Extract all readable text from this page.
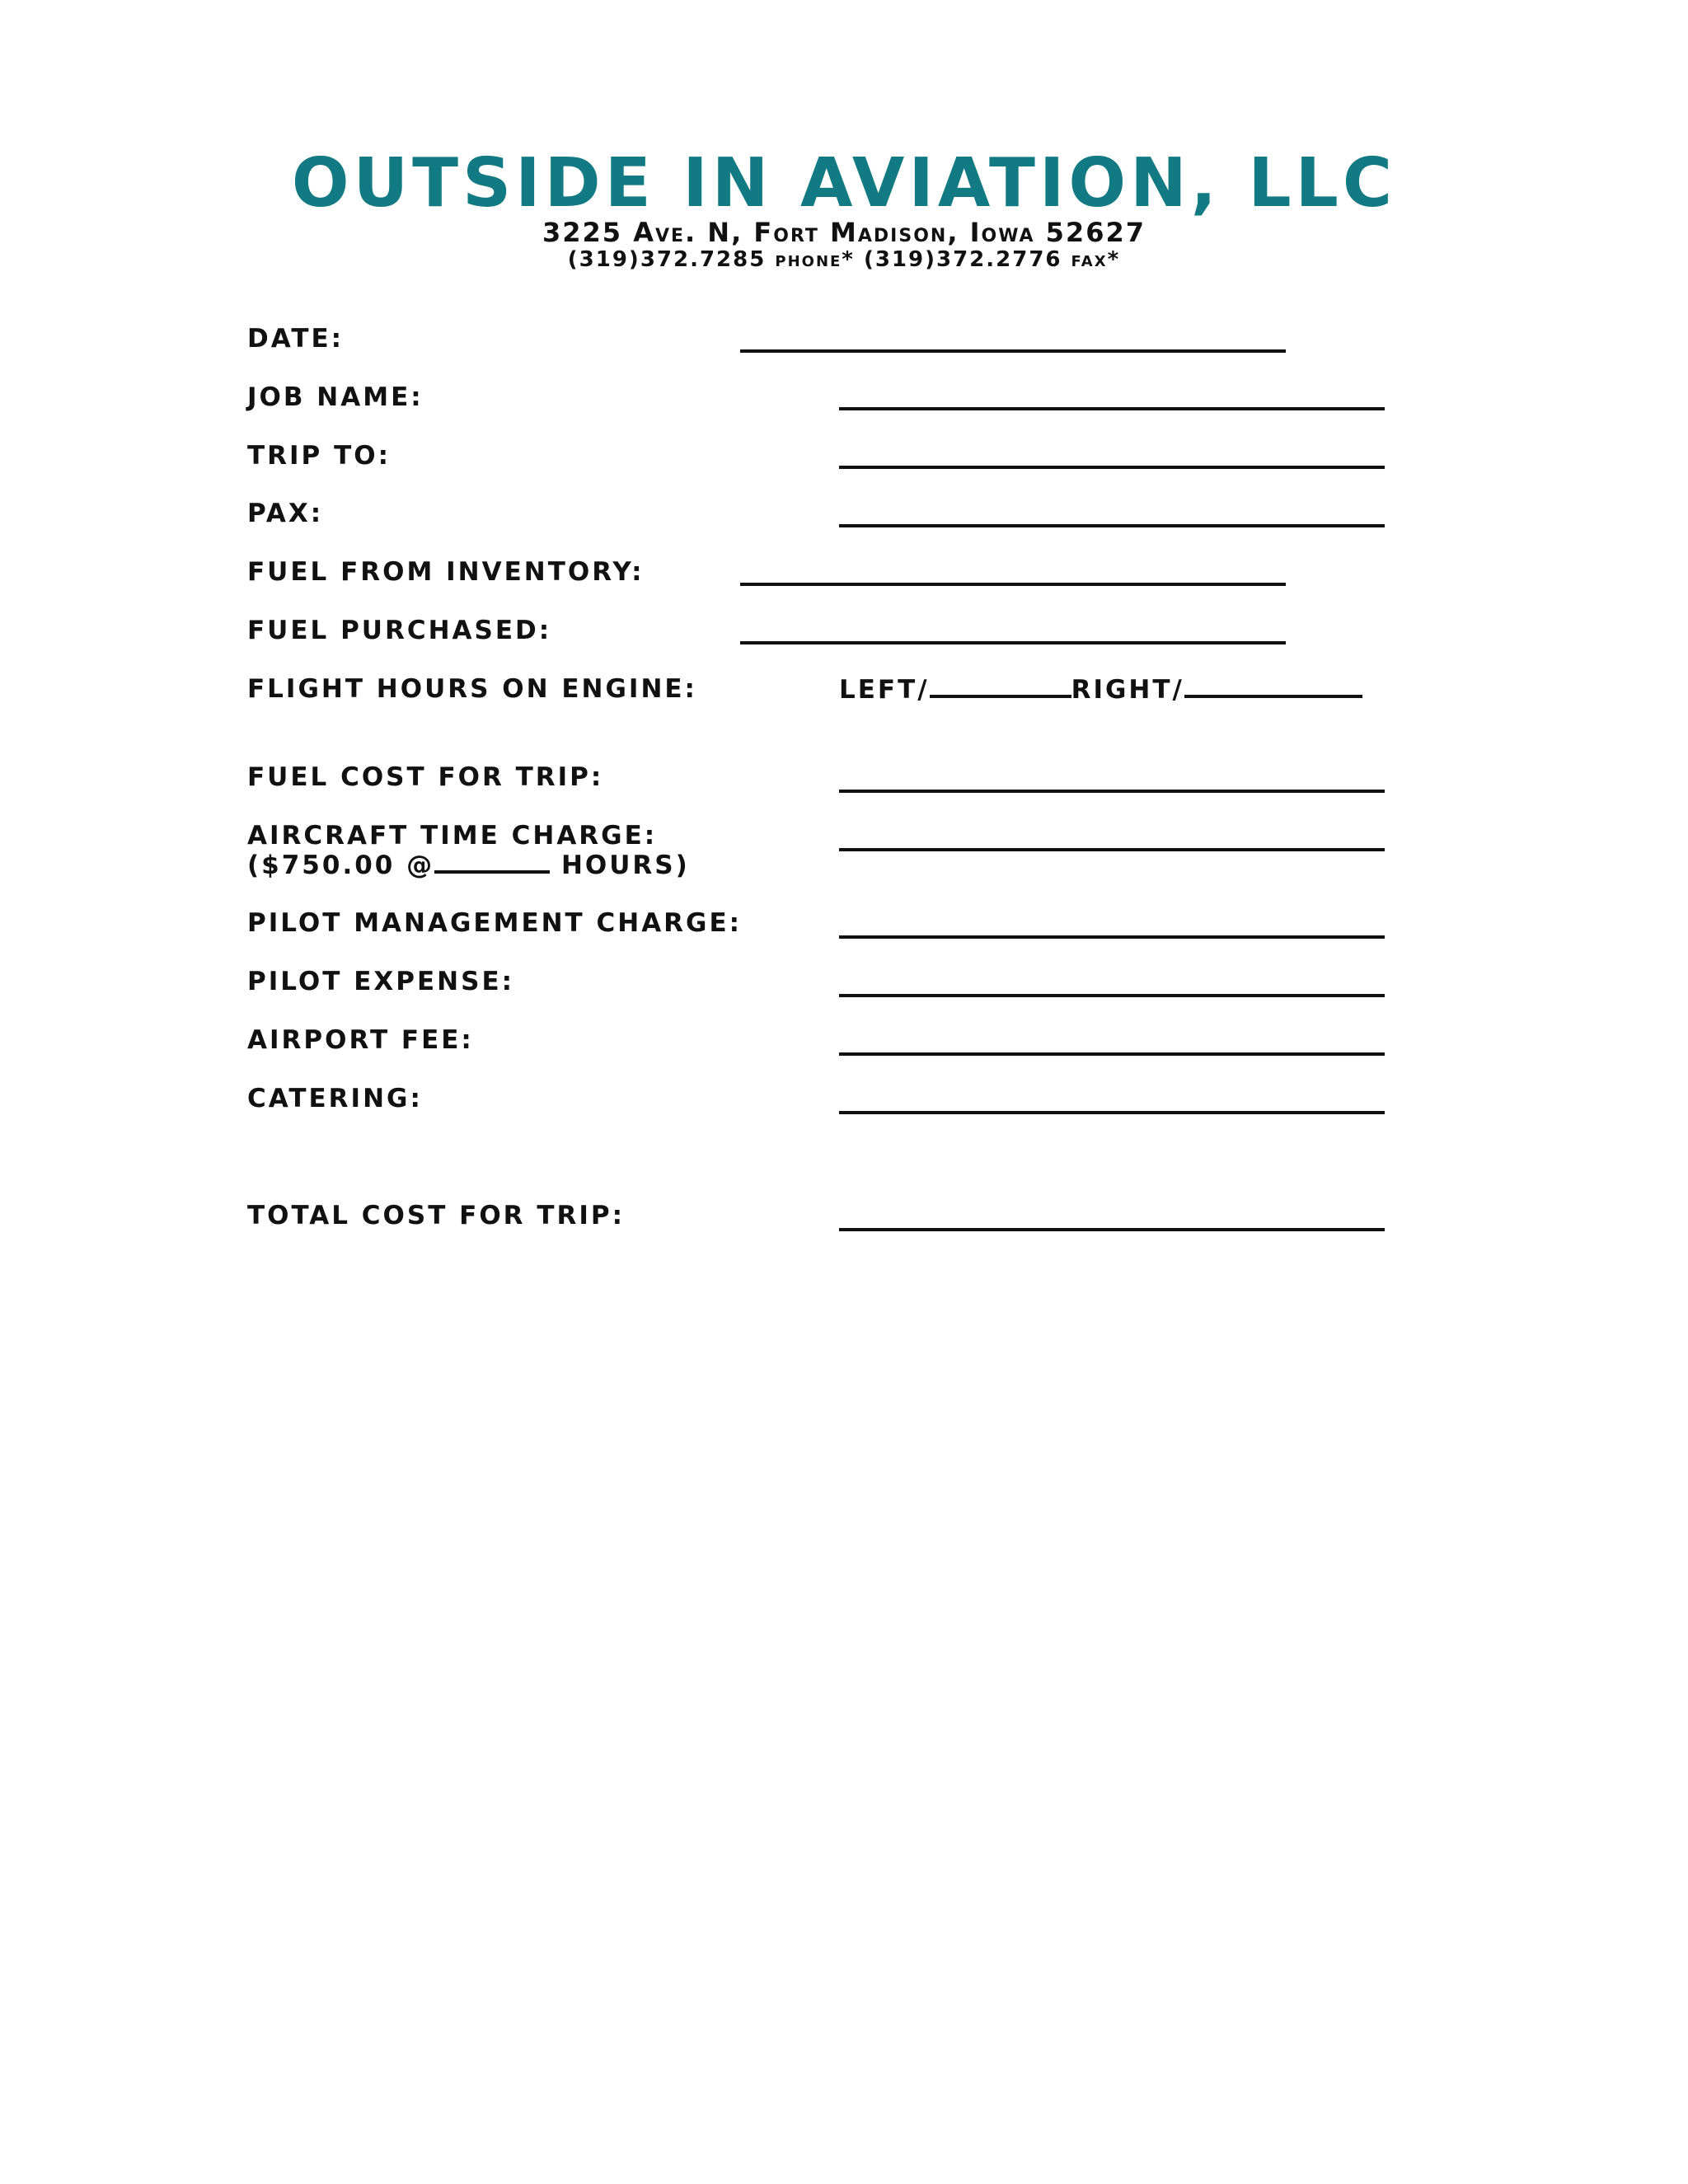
OUTSIDE IN AVIATION, LLC
3225 Ave. N, Fort Madison, Iowa 52627
(319)372.7285 phone* (319)372.2776 fax*
DATE:
JOB NAME:
TRIP TO:
PAX:
FUEL FROM INVENTORY:
FUEL PURCHASED:
FLIGHT HOURS ON ENGINE:	LEFT/	RIGHT/
FUEL COST FOR TRIP:
AIRCRAFT TIME CHARGE:
($750.00 @	HOURS)
PILOT MANAGEMENT CHARGE:
PILOT EXPENSE:
AIRPORT FEE:
CATERING:
TOTAL COST FOR TRIP:
